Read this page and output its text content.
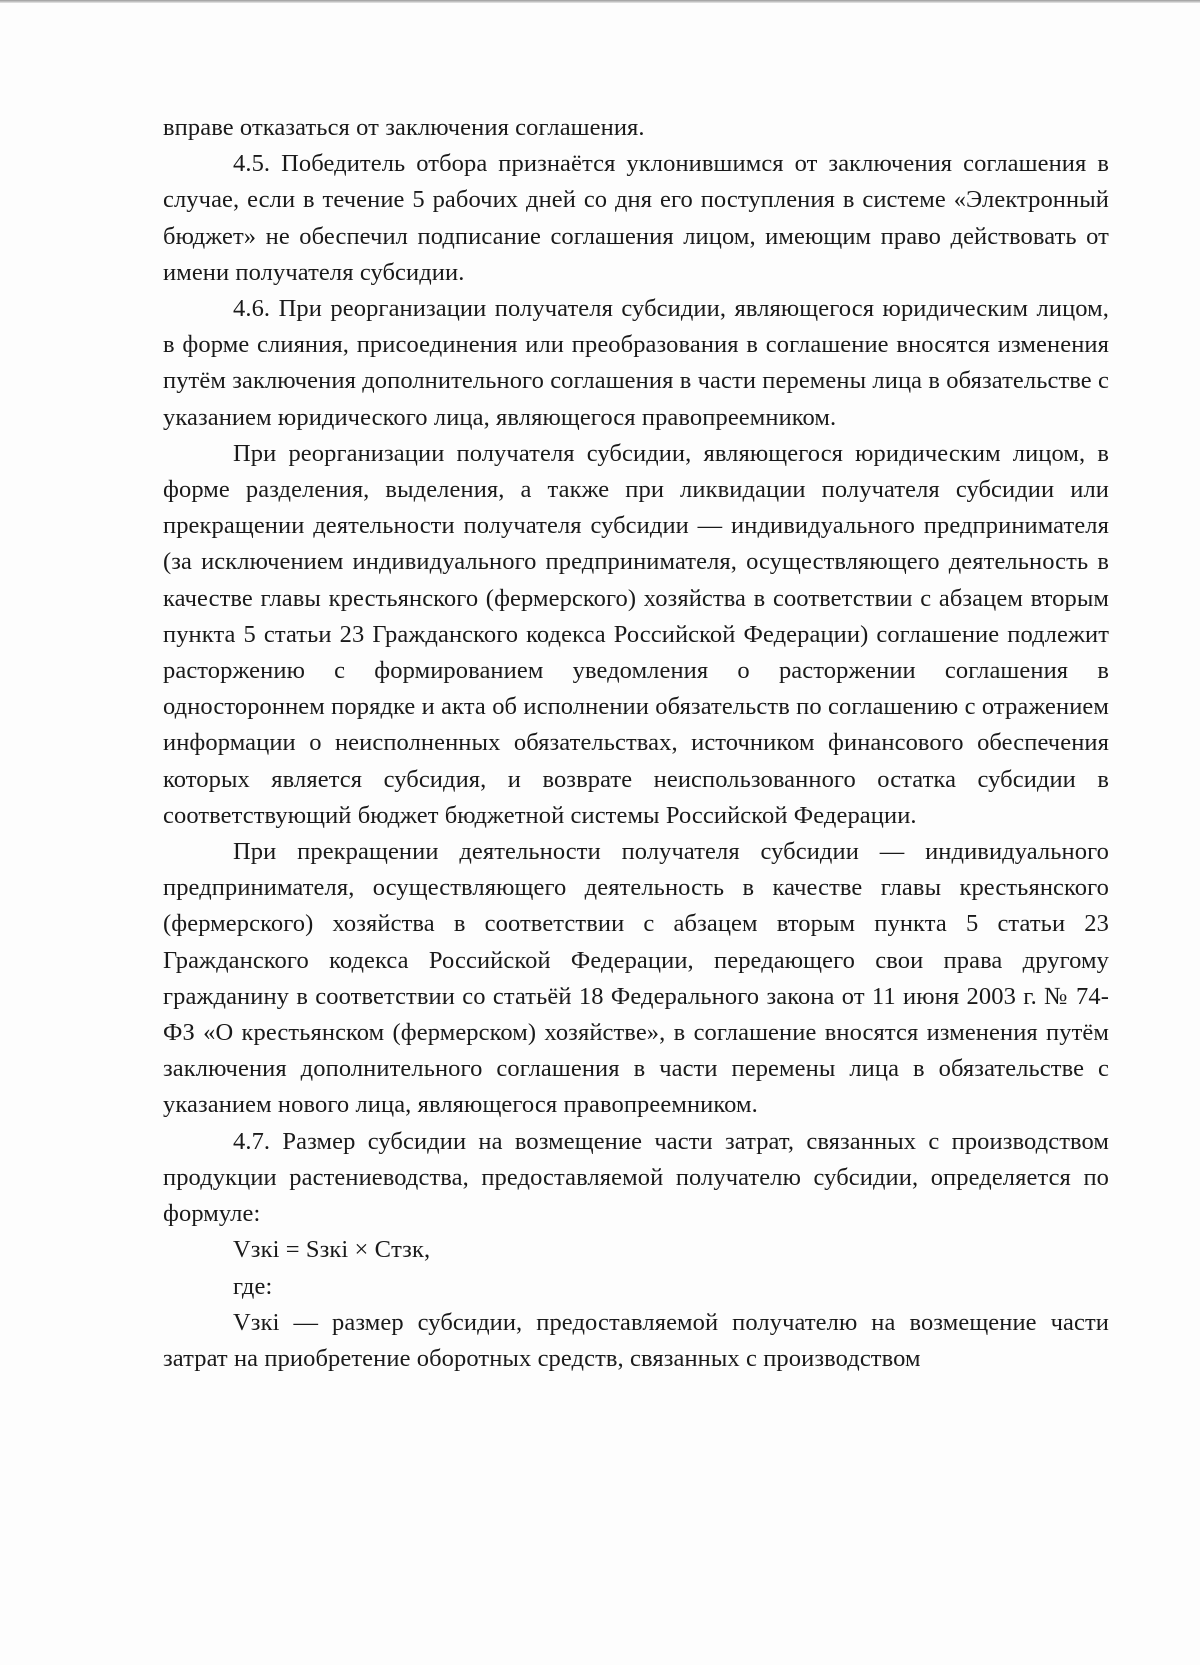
вправе отказаться от заключения соглашения.

4.5. Победитель отбора признаётся уклонившимся от заключения соглашения в случае, если в течение 5 рабочих дней со дня его поступления в системе «Электронный бюджет» не обеспечил подписание соглашения лицом, имеющим право действовать от имени получателя субсидии.

4.6. При реорганизации получателя субсидии, являющегося юридическим лицом, в форме слияния, присоединения или преобразования в соглашение вносятся изменения путём заключения дополнительного соглашения в части перемены лица в обязательстве с указанием юридического лица, являющегося правопреемником.

При реорганизации получателя субсидии, являющегося юридическим лицом, в форме разделения, выделения, а также при ликвидации получателя субсидии или прекращении деятельности получателя субсидии — индивидуального предпринимателя (за исключением индивидуального предпринимателя, осуществляющего деятельность в качестве главы крестьянского (фермерского) хозяйства в соответствии с абзацем вторым пункта 5 статьи 23 Гражданского кодекса Российской Федерации) соглашение подлежит расторжению с формированием уведомления о расторжении соглашения в одностороннем порядке и акта об исполнении обязательств по соглашению с отражением информации о неисполненных обязательствах, источником финансового обеспечения которых является субсидия, и возврате неиспользованного остатка субсидии в соответствующий бюджет бюджетной системы Российской Федерации.

При прекращении деятельности получателя субсидии — индивидуального предпринимателя, осуществляющего деятельность в качестве главы крестьянского (фермерского) хозяйства в соответствии с абзацем вторым пункта 5 статьи 23 Гражданского кодекса Российской Федерации, передающего свои права другому гражданину в соответствии со статьёй 18 Федерального закона от 11 июня 2003 г. № 74-ФЗ «О крестьянском (фермерском) хозяйстве», в соглашение вносятся изменения путём заключения дополнительного соглашения в части перемены лица в обязательстве с указанием нового лица, являющегося правопреемником.

4.7. Размер субсидии на возмещение части затрат, связанных с производством продукции растениеводства, предоставляемой получателю субсидии, определяется по формуле:

Vзкi = Sзкi × Cтзк,

где:

Vзкi — размер субсидии, предоставляемой получателю на возмещение части затрат на приобретение оборотных средств, связанных с производством
